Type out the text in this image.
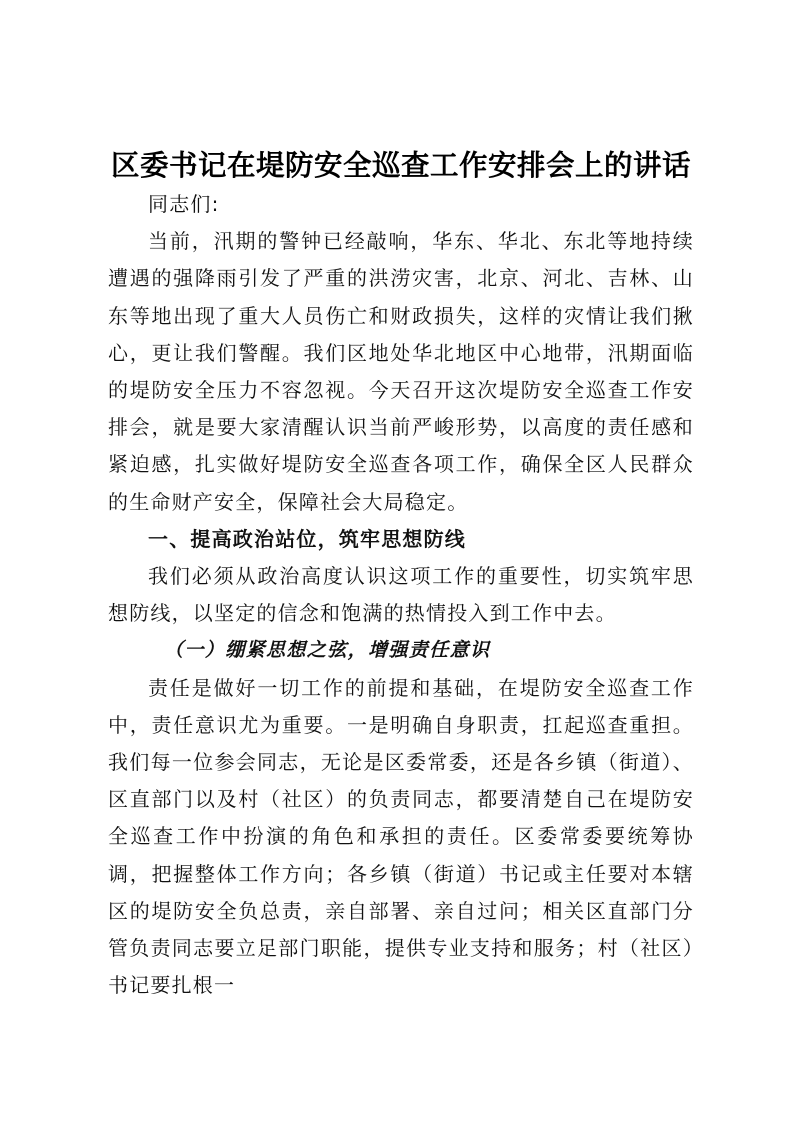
区委书记在堤防安全巡查工作安排会上的讲话

同志们:

当前，汛期的警钟已经敲响，华东、华北、东北等地持续遭遇的强降雨引发了严重的洪涝灾害，北京、河北、吉林、山东等地出现了重大人员伤亡和财政损失，这样的灾情让我们揪心，更让我们警醒。我们区地处华北地区中心地带，汛期面临的堤防安全压力不容忽视。今天召开这次堤防安全巡查工作安排会，就是要大家清醒认识当前严峻形势，以高度的责任感和紧迫感，扎实做好堤防安全巡查各项工作，确保全区人民群众的生命财产安全，保障社会大局稳定。

一、提高政治站位，筑牢思想防线

我们必须从政治高度认识这项工作的重要性，切实筑牢思想防线，以坚定的信念和饱满的热情投入到工作中去。

（一）绷紧思想之弦，增强责任意识

责任是做好一切工作的前提和基础，在堤防安全巡查工作中，责任意识尤为重要。一是明确自身职责，扛起巡查重担。我们每一位参会同志，无论是区委常委，还是各乡镇（街道）、区直部门以及村（社区）的负责同志，都要清楚自己在堤防安全巡查工作中扮演的角色和承担的责任。区委常委要统筹协调，把握整体工作方向；各乡镇（街道）书记或主任要对本辖区的堤防安全负总责，亲自部署、亲自过问；相关区直部门分管负责同志要立足部门职能，提供专业支持和服务；村（社区）书记要扎根一
